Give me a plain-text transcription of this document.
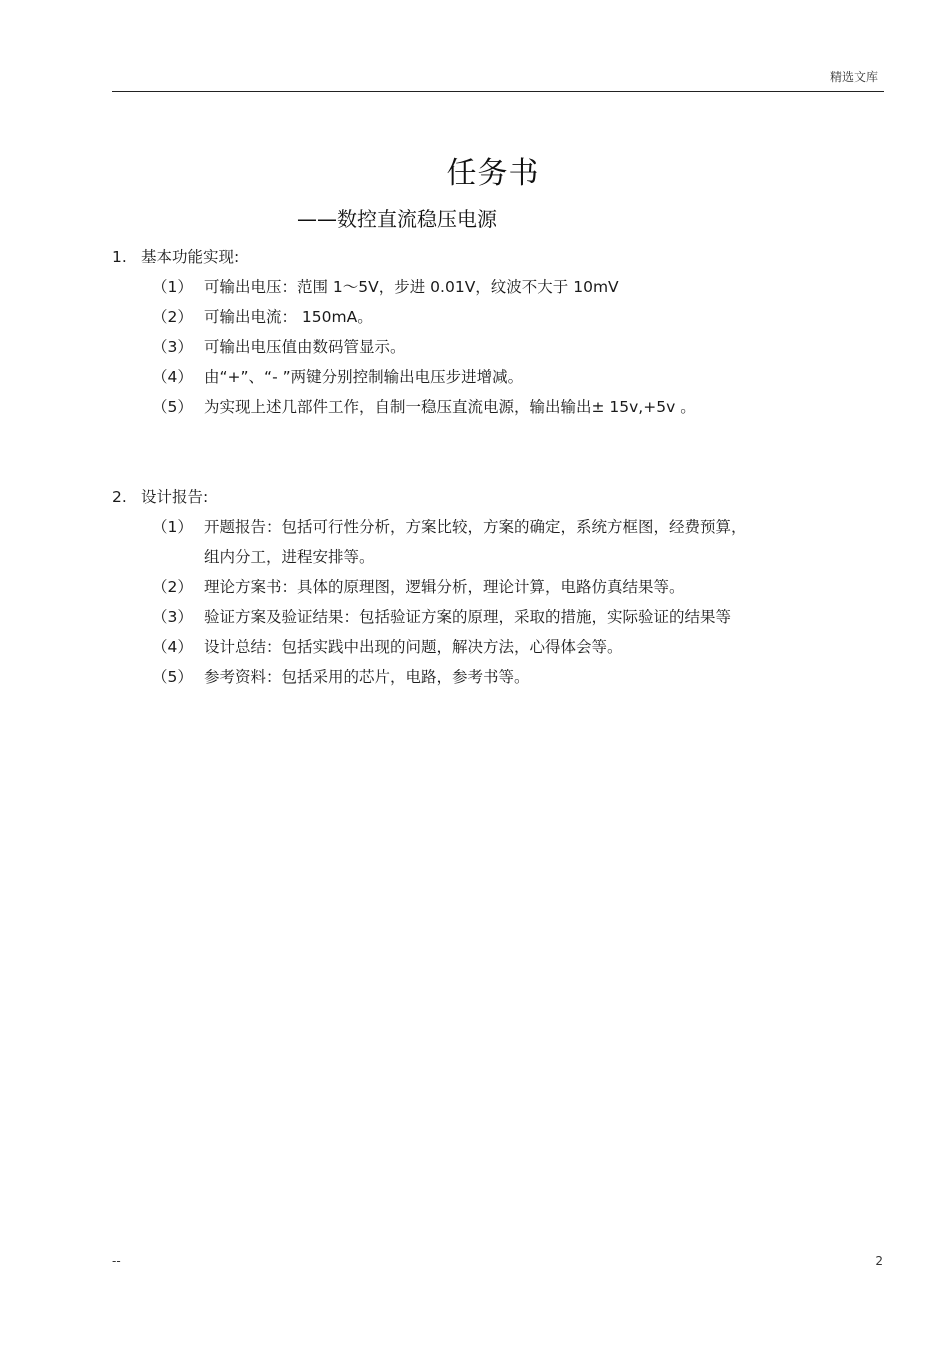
精选文库
任务书
——数控直流稳压电源
1. 基本功能实现:
（1） 可输出电压：范围 1～5V，步进 0.01V，纹波不大于 10mV
（2） 可输出电流： 150mA。
（3） 可输出电压值由数码管显示。
（4） 由“+”、“- ”两键分别控制输出电压步进增减。
（5） 为实现上述几部件工作，自制一稳压直流电源，输出输出± 15v,+5v 。
2. 设计报告:
（1） 开题报告：包括可行性分析，方案比较，方案的确定，系统方框图，经费预算，
组内分工，进程安排等。
（2） 理论方案书：具体的原理图，逻辑分析，理论计算，电路仿真结果等。
（3） 验证方案及验证结果：包括验证方案的原理，采取的措施，实际验证的结果等
（4） 设计总结：包括实践中出现的问题，解决方法，心得体会等。
（5） 参考资料：包括采用的芯片，电路，参考书等。
--	2
